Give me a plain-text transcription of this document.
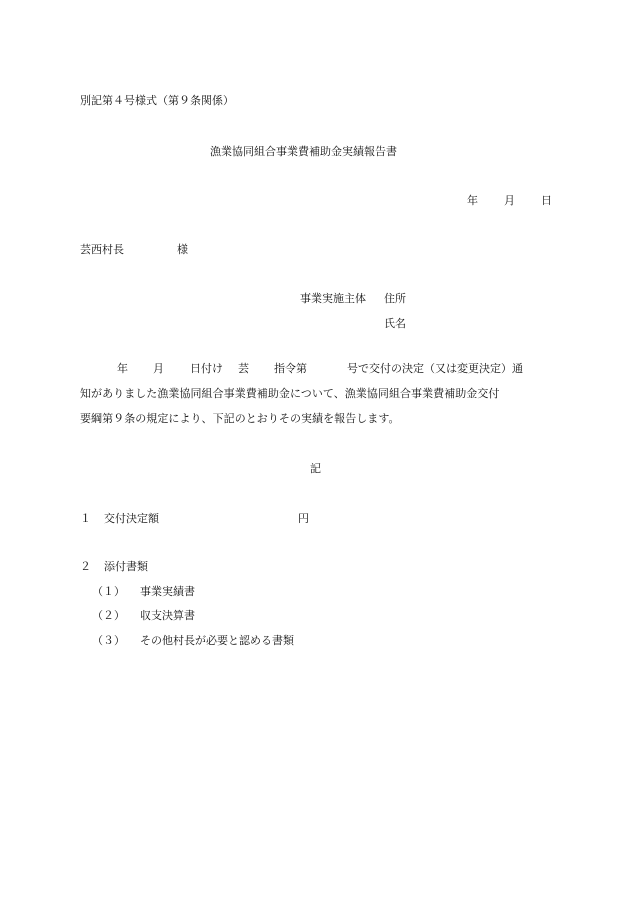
別記第４号様式（第９条関係）
漁業協同組合事業費補助金実績報告書
年 月 日
芸西村長	様
事業実施主体 住所
氏名
年 月 日付け 芸 指令第	号で交付の決定（又は変更決定）通
知がありました漁業協同組合事業費補助金について、漁業協同組合事業費補助金交付
要綱第９条の規定により、下記のとおりその実績を報告します。
記
１ 交付決定額	円
２ 添付書類
（１） 事業実績書
（２） 収支決算書
（３） その他村長が必要と認める書類
